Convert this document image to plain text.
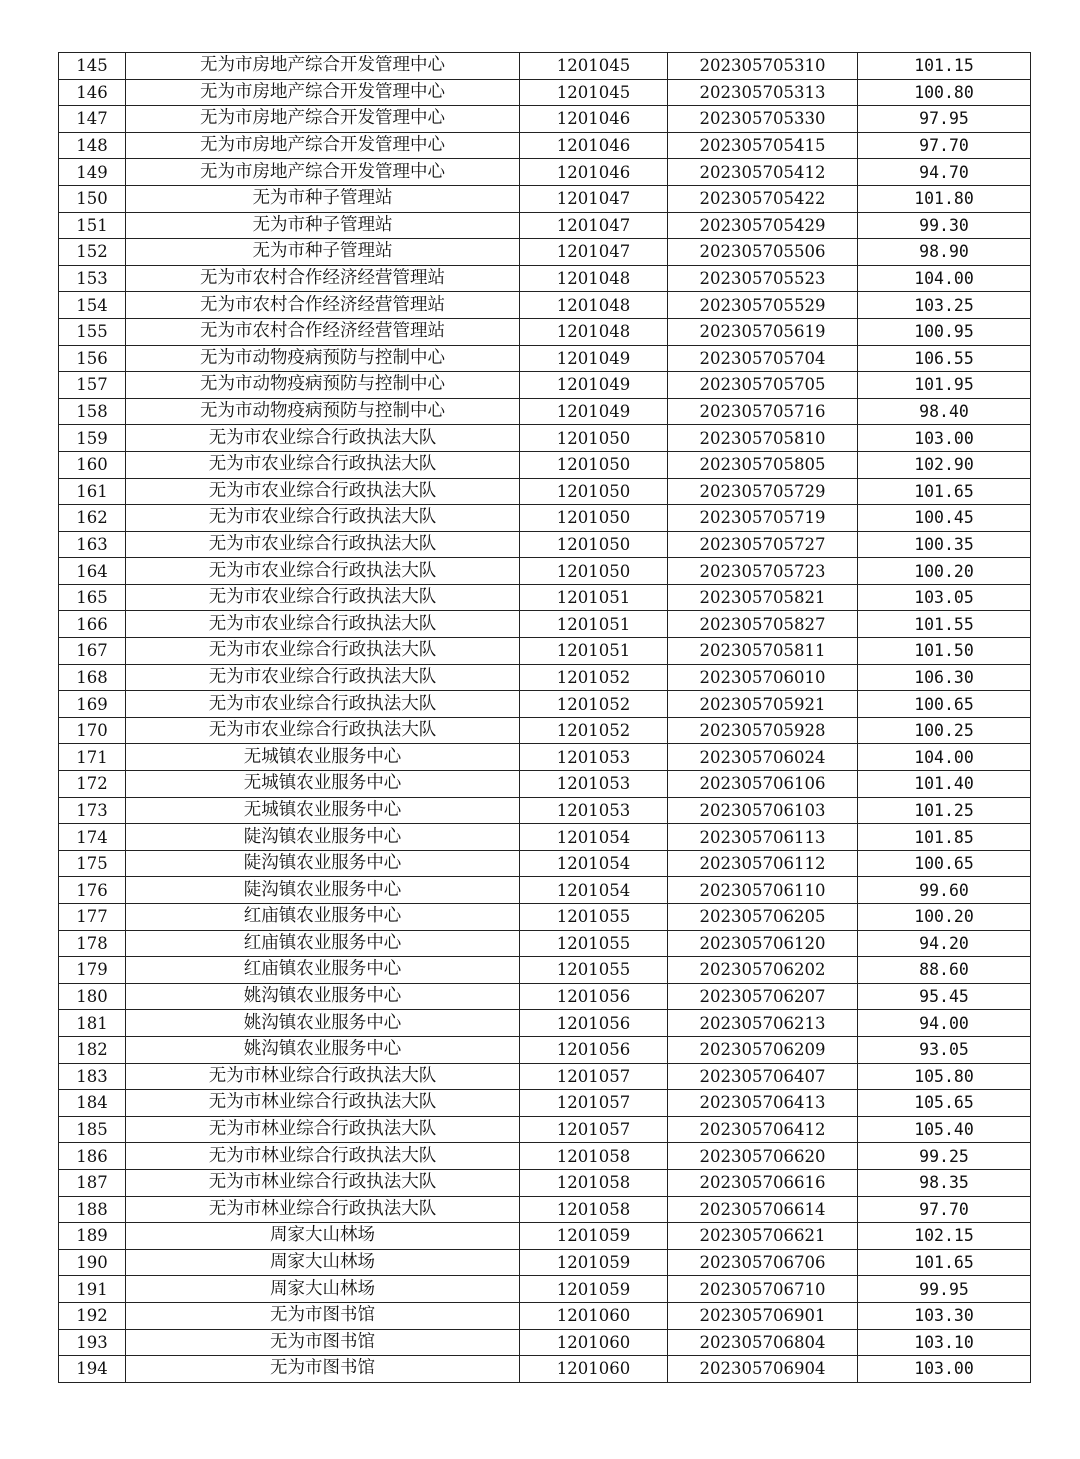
145	无为市房地产综合开发管理中心	1201045	202305705310	101.15
146	无为市房地产综合开发管理中心	1201045	202305705313	100.80
147	无为市房地产综合开发管理中心	1201046	202305705330	97.95
148	无为市房地产综合开发管理中心	1201046	202305705415	97.70
149	无为市房地产综合开发管理中心	1201046	202305705412	94.70
150	无为市种子管理站	1201047	202305705422	101.80
151	无为市种子管理站	1201047	202305705429	99.30
152	无为市种子管理站	1201047	202305705506	98.90
153	无为市农村合作经济经营管理站	1201048	202305705523	104.00
154	无为市农村合作经济经营管理站	1201048	202305705529	103.25
155	无为市农村合作经济经营管理站	1201048	202305705619	100.95
156	无为市动物疫病预防与控制中心	1201049	202305705704	106.55
157	无为市动物疫病预防与控制中心	1201049	202305705705	101.95
158	无为市动物疫病预防与控制中心	1201049	202305705716	98.40
159	无为市农业综合行政执法大队	1201050	202305705810	103.00
160	无为市农业综合行政执法大队	1201050	202305705805	102.90
161	无为市农业综合行政执法大队	1201050	202305705729	101.65
162	无为市农业综合行政执法大队	1201050	202305705719	100.45
163	无为市农业综合行政执法大队	1201050	202305705727	100.35
164	无为市农业综合行政执法大队	1201050	202305705723	100.20
165	无为市农业综合行政执法大队	1201051	202305705821	103.05
166	无为市农业综合行政执法大队	1201051	202305705827	101.55
167	无为市农业综合行政执法大队	1201051	202305705811	101.50
168	无为市农业综合行政执法大队	1201052	202305706010	106.30
169	无为市农业综合行政执法大队	1201052	202305705921	100.65
170	无为市农业综合行政执法大队	1201052	202305705928	100.25
171	无城镇农业服务中心	1201053	202305706024	104.00
172	无城镇农业服务中心	1201053	202305706106	101.40
173	无城镇农业服务中心	1201053	202305706103	101.25
174	陡沟镇农业服务中心	1201054	202305706113	101.85
175	陡沟镇农业服务中心	1201054	202305706112	100.65
176	陡沟镇农业服务中心	1201054	202305706110	99.60
177	红庙镇农业服务中心	1201055	202305706205	100.20
178	红庙镇农业服务中心	1201055	202305706120	94.20
179	红庙镇农业服务中心	1201055	202305706202	88.60
180	姚沟镇农业服务中心	1201056	202305706207	95.45
181	姚沟镇农业服务中心	1201056	202305706213	94.00
182	姚沟镇农业服务中心	1201056	202305706209	93.05
183	无为市林业综合行政执法大队	1201057	202305706407	105.80
184	无为市林业综合行政执法大队	1201057	202305706413	105.65
185	无为市林业综合行政执法大队	1201057	202305706412	105.40
186	无为市林业综合行政执法大队	1201058	202305706620	99.25
187	无为市林业综合行政执法大队	1201058	202305706616	98.35
188	无为市林业综合行政执法大队	1201058	202305706614	97.70
189	周家大山林场	1201059	202305706621	102.15
190	周家大山林场	1201059	202305706706	101.65
191	周家大山林场	1201059	202305706710	99.95
192	无为市图书馆	1201060	202305706901	103.30
193	无为市图书馆	1201060	202305706804	103.10
194	无为市图书馆	1201060	202305706904	103.00
